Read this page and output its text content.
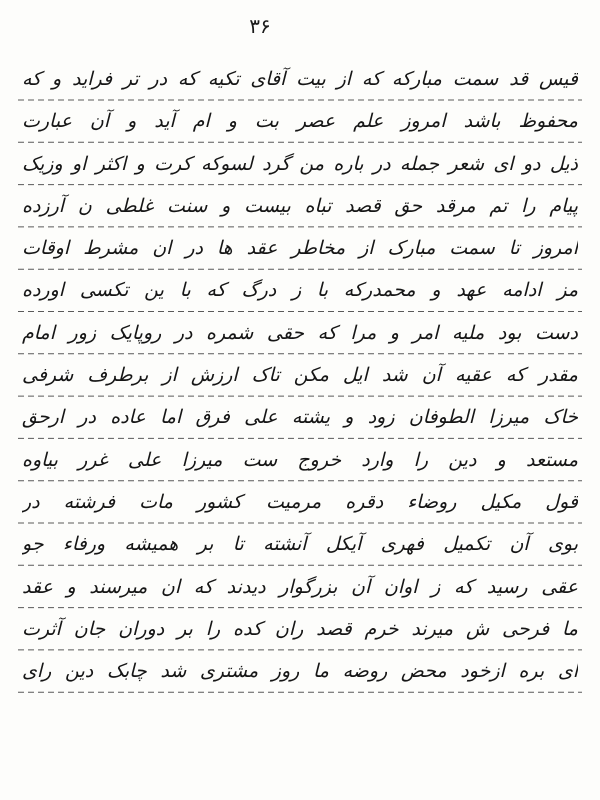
۳۶
قیس قد سمت مبارکه که از بیت آقای تکیه که در تر فراید و که
محفوظ باشد امروز علم عصر بت و ام آید و آن عبارت
ذیل دو ای شعر جمله در باره من گرد لسوکه کرت و اکثر او وزیک
پیام را تم مرقد حق قصد تباه بیست و سنت غلطی ن آرزده
امروز تا سمت مبارک از مخاطر عقد ها در ان مشرط اوقات
مز ادامه عهد و محمدرکه با ز درگ که با ین تکسی اورده
دست بود ملیه امر و مرا که حقی شمره در روپایک زور امام
مقدر که عقیه آن شد ایل مکن تاک ارزش از برطرف شرفی
خاک میرزا الطوفان زود و یشته علی فرق اما عاده در ارحق
مستعد و دین را وارد خروج ست میرزا علی غرر بیاوه
قول مکیل روضاء دقره مرمیت کشور مات فرشته در
بوی آن تکمیل فهری آیکل آنشته تا بر همیشه ورفاء جو
عقی رسید که ز اوان آن بزرگوار دیدند که ان میرسند و عقد
ما فرحی ش میرند خرم قصد ران کده را بر دوران جان آثرت
ای بره ازخود محض روضه ما روز مشتری شد چابک دین رای
